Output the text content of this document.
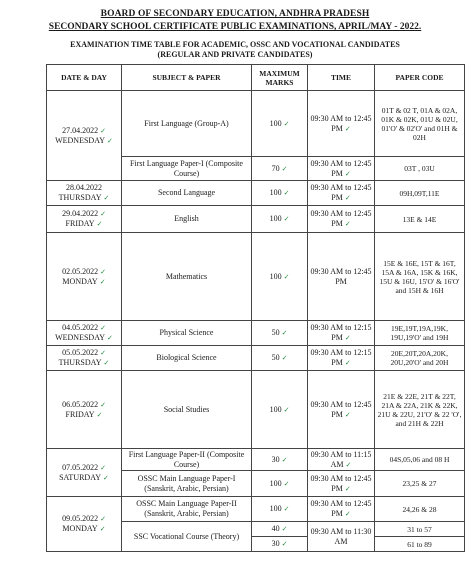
BOARD OF SECONDARY EDUCATION, ANDHRA PRADESH
SECONDARY SCHOOL CERTIFICATE PUBLIC EXAMINATIONS, APRIL/MAY - 2022.
EXAMINATION TIME TABLE FOR ACADEMIC, OSSC AND VOCATIONAL CANDIDATES
(REGULAR AND PRIVATE CANDIDATES)
DATE & DAY	SUBJECT & PAPER	MAXIMUM MARKS	TIME	PAPER CODE
27.04.2022 ✓
WEDNESDAY ✓	First Language (Group-A)	100 ✓	09:30 AM to 12:45 PM ✓	01T & 02 T, 01A & 02A, 01K & 02K, 01U & 02U, 01'O' & 02'O' and 01H & 02H
	First Language Paper-I (Composite Course)	70 ✓	09:30 AM to 12:45 PM ✓	03T , 03U
28.04.2022
THURSDAY ✓	Second Language	100 ✓	09:30 AM to 12:45 PM ✓	09H,09T,11E
29.04.2022 ✓
FRIDAY ✓	English	100 ✓	09:30 AM to 12:45 PM ✓	13E & 14E
02.05.2022 ✓
MONDAY ✓	Mathematics	100 ✓	09:30 AM to 12:45 PM	15E & 16E, 15T & 16T, 15A & 16A, 15K & 16K, 15U & 16U, 15'O' & 16'O' and 15H & 16H
04.05.2022 ✓
WEDNESDAY ✓	Physical Science	50 ✓	09:30 AM to 12:15 PM ✓	19E,19T,19A,19K, 19U,19'O' and 19H
05.05.2022 ✓
THURSDAY ✓	Biological Science	50 ✓	09:30 AM to 12:15 PM ✓	20E,20T,20A,20K, 20U,20'O' and 20H
06.05.2022 ✓
FRIDAY ✓	Social Studies	100 ✓	09:30 AM to 12:45 PM ✓	21E & 22E, 21T & 22T, 21A & 22A, 21K & 22K, 21U & 22U, 21'O' & 22 'O', and 21H & 22H
07.05.2022 ✓
SATURDAY ✓	First Language Paper-II (Composite Course)	30 ✓	09:30 AM to 11:15 AM ✓	04S,05,06 and 08 H
	OSSC Main Language Paper-I (Sanskrit, Arabic, Persian)	100 ✓	09:30 AM to 12:45 PM ✓	23,25 & 27
09.05.2022 ✓
MONDAY ✓	OSSC Main Language Paper-II (Sanskrit, Arabic, Persian)	100 ✓	09:30 AM to 12:45 PM ✓	24,26 & 28
	SSC Vocational Course (Theory)	40 ✓	09:30 AM to 11:30 AM	31 to 57
		30 ✓		61 to 89
